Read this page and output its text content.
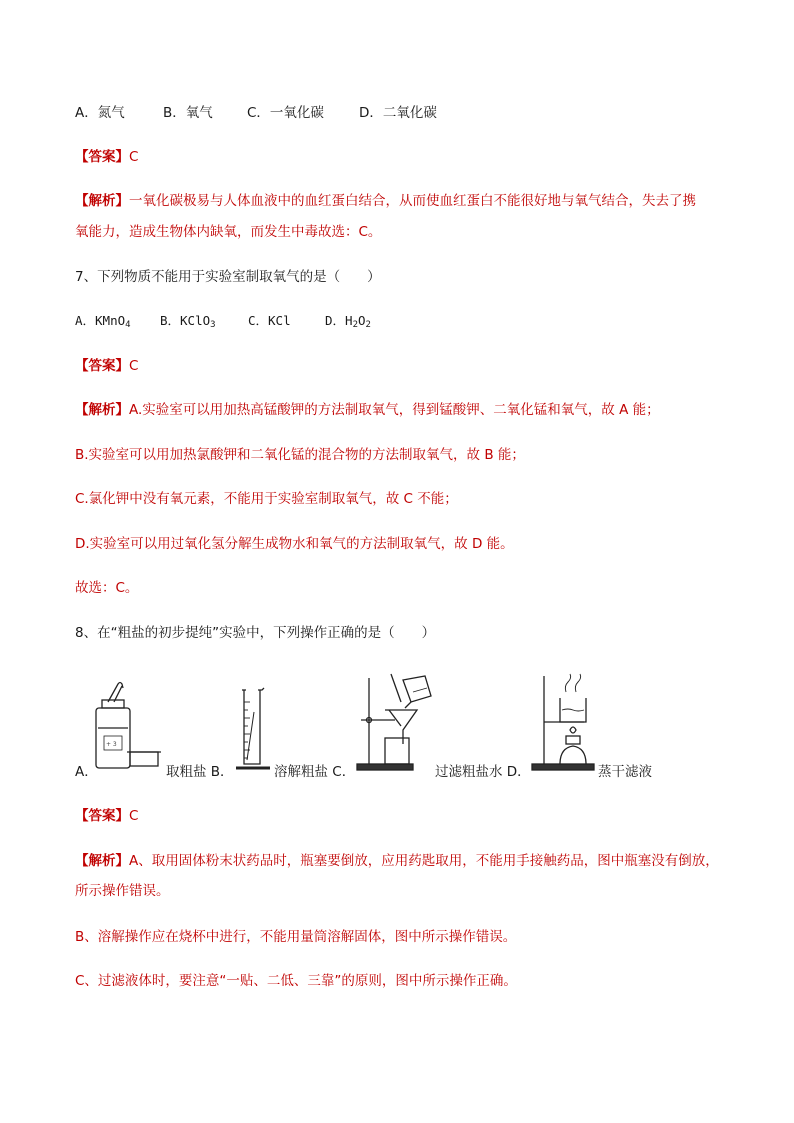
A．氮气	B．氧气	C．一氧化碳	D．二氧化碳
【答案】C
【解析】一氧化碳极易与人体血液中的血红蛋白结合，从而使血红蛋白不能很好地与氧气结合，失去了携
氧能力，造成生物体内缺氧，而发生中毒故选：C。
7、下列物质不能用于实验室制取氧气的是（　　）
A．KMnO$_4$ B．KClO$_3$	C．KCl	D．$H_2O_2$
【答案】C
【解析】A.实验室可以用加热高锰酸钾的方法制取氧气，得到锰酸钾、二氧化锰和氧气，故 A 能；
B.实验室可以用加热氯酸钾和二氧化锰的混合物的方法制取氧气，故 B 能；
C.氯化钾中没有氧元素，不能用于实验室制取氧气，故 C 不能；
D.实验室可以用过氧化氢分解生成物水和氧气的方法制取氧气，故 D 能。
故选：C。
8、在“粗盐的初步提纯”实验中，下列操作正确的是（　　）
A．
+ 3
取粗盐 B．	溶解粗盐 C．	过滤粗盐水 D．	蒸干滤液
【答案】C
【解析】A、取用固体粉末状药品时，瓶塞要倒放，应用药匙取用，不能用手接触药品，图中瓶塞没有倒放，所示操作错误。
B、溶解操作应在烧杯中进行，不能用量筒溶解固体，图中所示操作错误。
C、过滤液体时，要注意“一贴、二低、三靠”的原则，图中所示操作正确。
